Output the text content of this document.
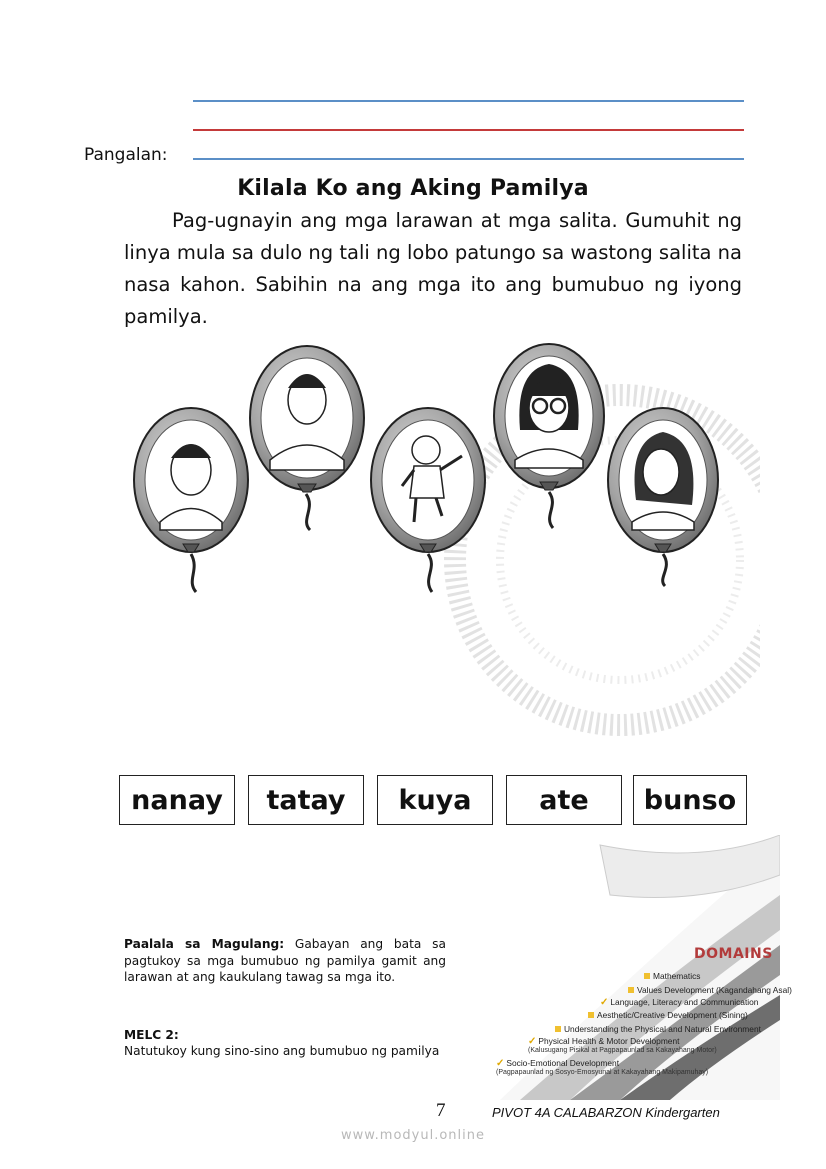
Pangalan:
Kilala Ko ang Aking Pamilya
Pag-ugnayin ang mga larawan at mga salita. Gumuhit ng linya mula sa dulo ng tali ng lobo patungo sa wastong salita na nasa kahon. Sabihin na ang mga ito ang bumubuo ng iyong pamilya.
nanay	tatay	kuya	ate	bunso
DOMAINS
Mathematics
Values Development (Kagandahang Asal)
✓ Language, Literacy and Communication
Aesthetic/Creative Development (Sining)
Understanding the Physical and Natural Environment
✓ Physical Health & Motor Development
(Kalusugang Pisikal at Pagpapaunlad sa Kakayahang Motor)
✓ Socio-Emotional Development
(Pagpapaunlad ng Sosyo-Emosyunal at Kakayahang Makipamuhay)
Paalala sa Magulang: Gabayan ang bata sa pagtukoy sa mga bumubuo ng pamilya gamit ang larawan at ang kaukulang tawag sa mga ito.
MELC 2:
Natutukoy kung sino-sino ang bumubuo ng pamilya
7	PIVOT 4A CALABARZON Kindergarten
www.modyul.online
